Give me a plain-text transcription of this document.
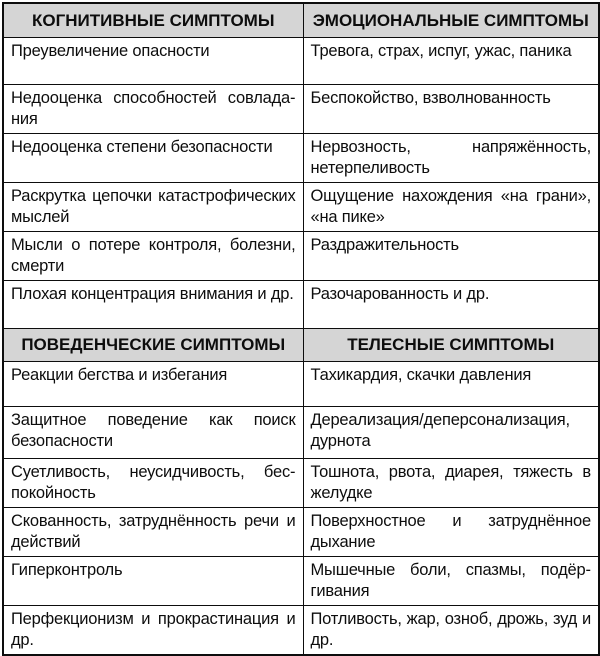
КОГНИТИВНЫЕ СИМПТОМЫ	ЭМОЦИОНАЛЬНЫЕ СИМПТОМЫ
Преувеличение опасности	Тревога, страх, испуг, ужас, паника
Недооценка способностей совладания	Беспокойство, взволнованность
Недооценка степени безопасности	Нервозность, напряжённость, нетерпеливость
Раскрутка цепочки катастрофических мыслей	Ощущение нахождения «на грани», «на пике»
Мысли о потере контроля, болезни, смерти	Раздражительность
Плохая концентрация внимания и др.	Разочарованность и др.
ПОВЕДЕНЧЕСКИЕ СИМПТОМЫ	ТЕЛЕСНЫЕ СИМПТОМЫ
Реакции бегства и избегания	Тахикардия, скачки давления
Защитное поведение как поиск безопасности	Дереализация/деперсонализация, дурнота
Суетливость, неусидчивость, беспокойность	Тошнота, рвота, диарея, тяжесть в желудке
Скованность, затруднённость речи и действий	Поверхностное и затруднённое дыхание
Гиперконтроль	Мышечные боли, спазмы, подёргивания
Перфекционизм и прокрастинация и др.	Потливость, жар, озноб, дрожь, зуд и др.
